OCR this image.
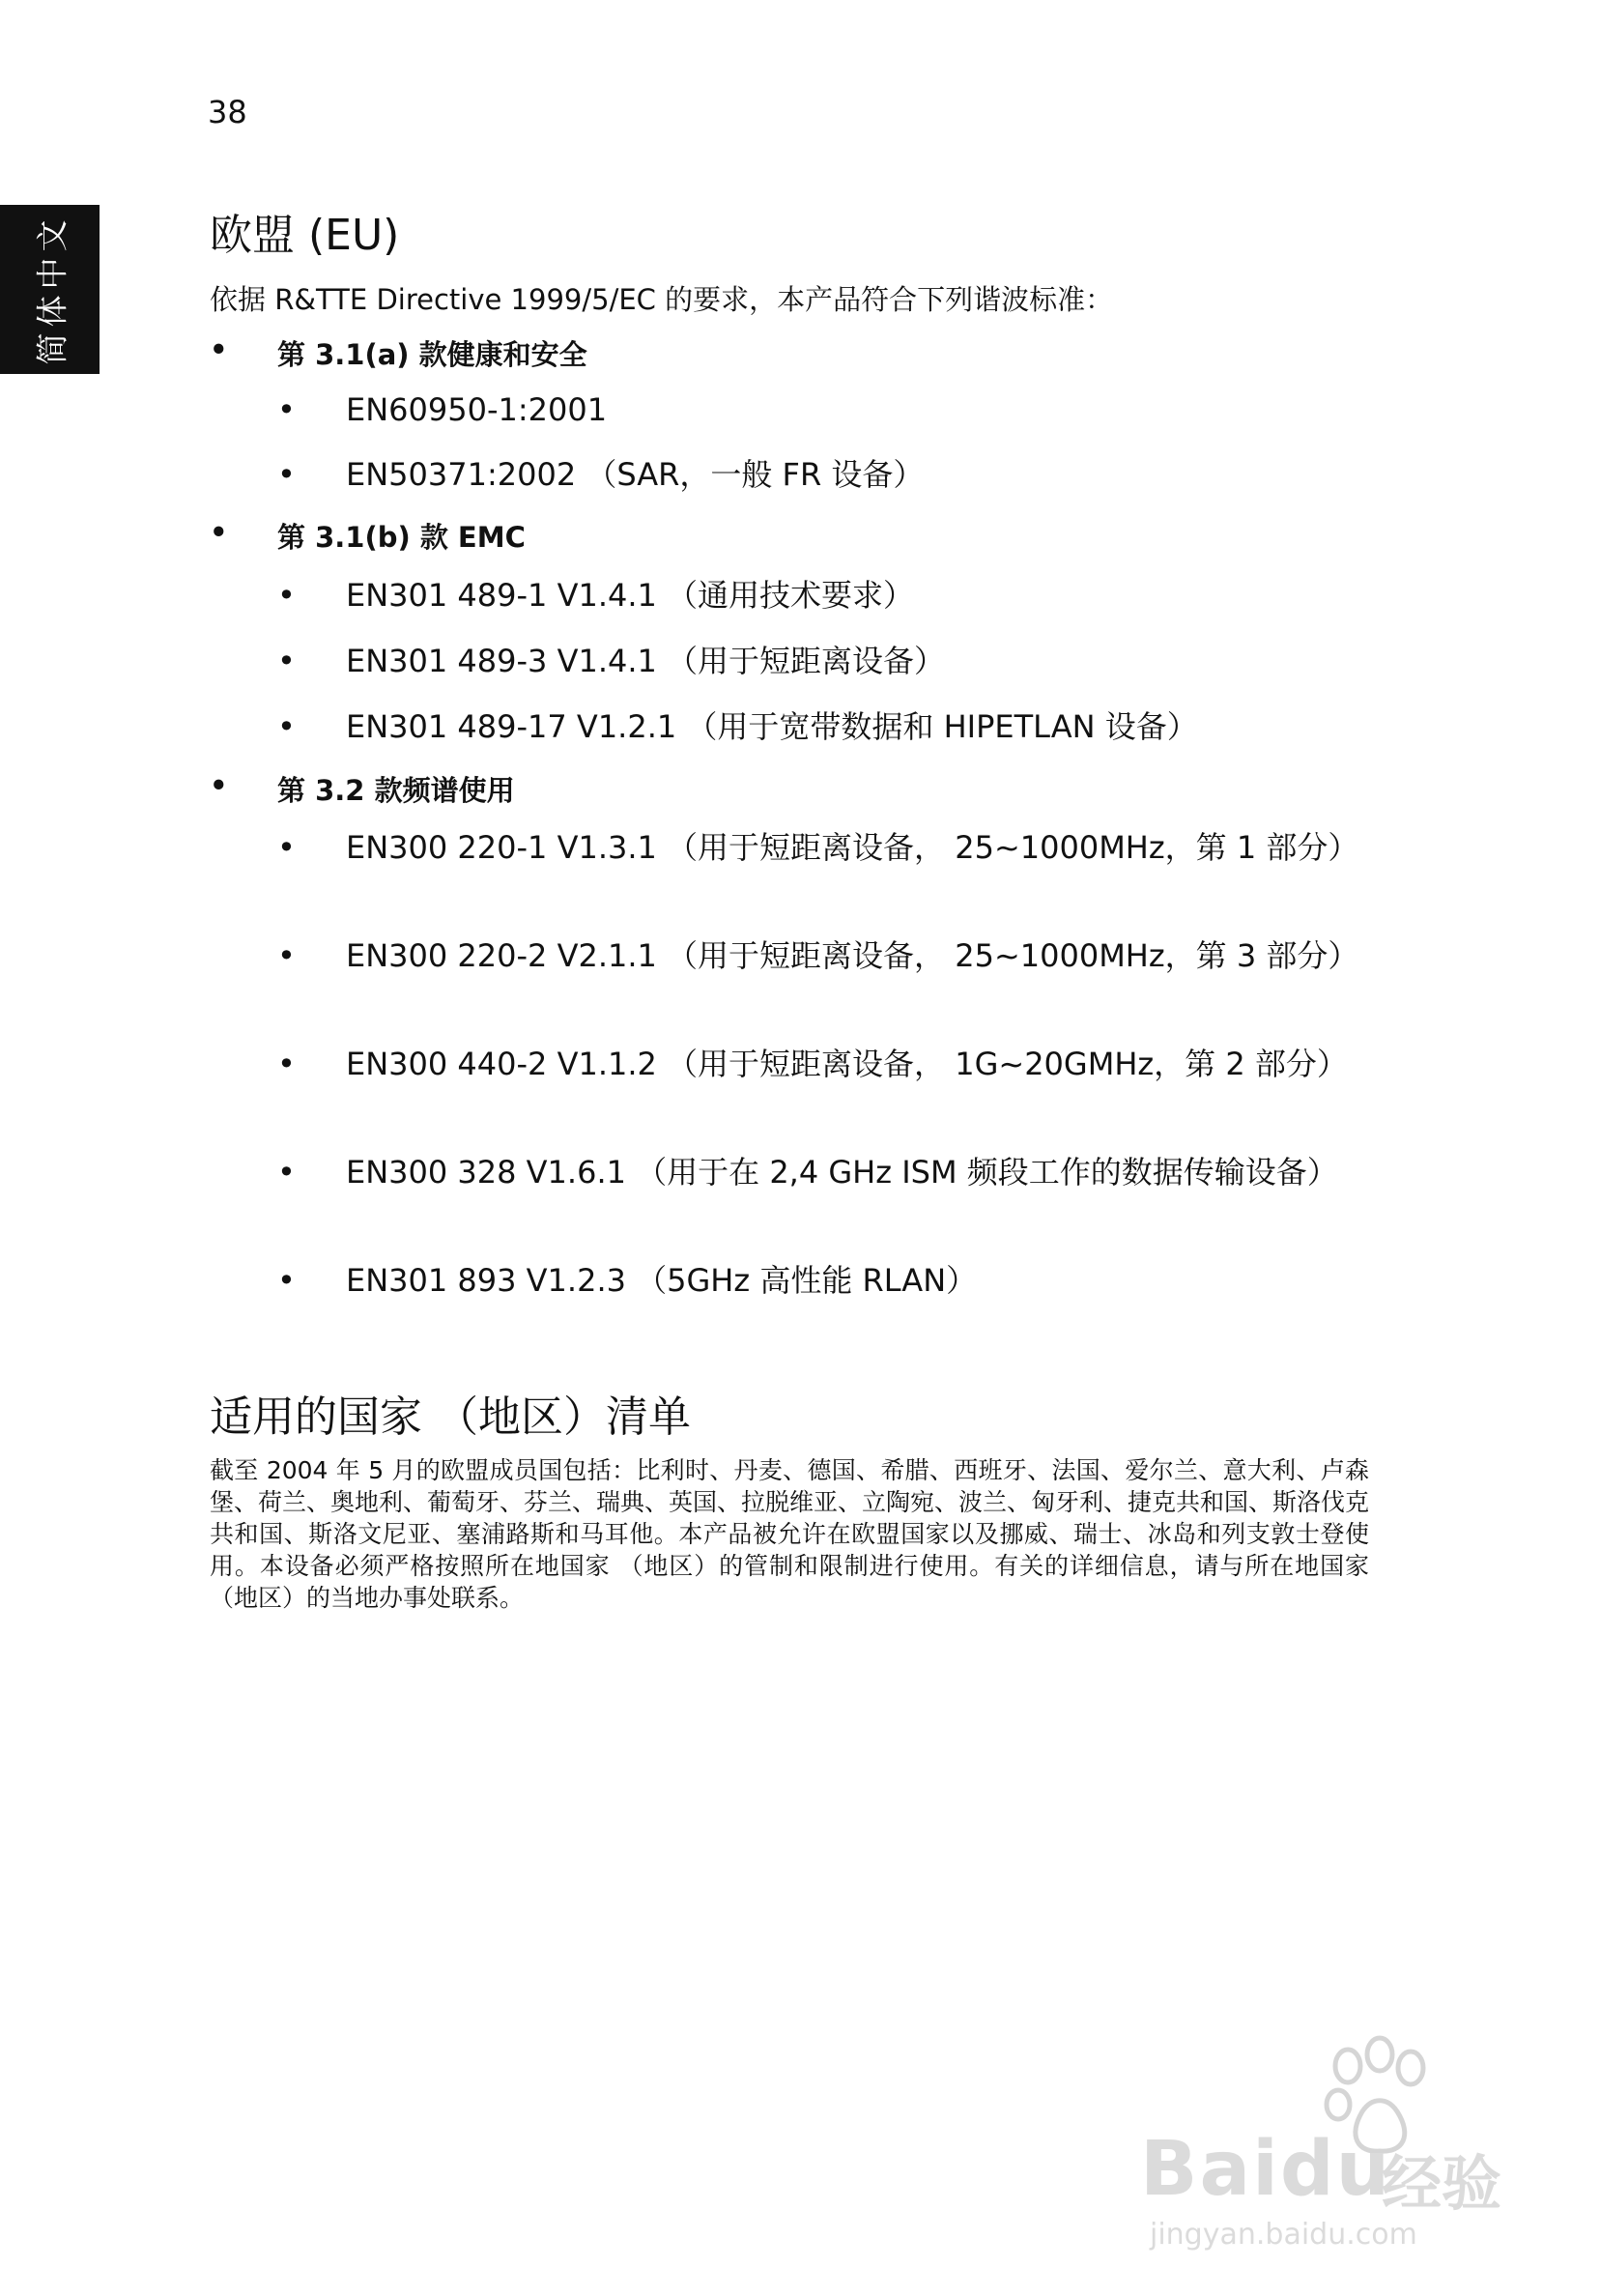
38
简体中文	欧盟 (EU)
依据 R&TTE Directive 1999/5/EC 的要求，本产品符合下列谐波标准：
• 第 3.1(a) 款健康和安全
•	EN60950-1:2001
•	EN50371:2002 （SAR，一般 FR 设备）
• 第 3.1(b) 款 EMC
•	EN301 489-1 V1.4.1 （通用技术要求）
•	EN301 489-3 V1.4.1 （用于短距离设备）
•	EN301 489-17 V1.2.1 （用于宽带数据和 HIPETLAN 设备）
• 第 3.2 款频谱使用
•	EN300 220-1 V1.3.1 （用于短距离设备， 25~1000MHz，第 1 部分）
•	EN300 220-2 V2.1.1 （用于短距离设备， 25~1000MHz，第 3 部分）
•	EN300 440-2 V1.1.2 （用于短距离设备， 1G~20GMHz，第 2 部分）
•	EN300 328 V1.6.1 （用于在 2,4 GHz ISM 频段工作的数据传输设备）
•	EN301 893 V1.2.3 （5GHz 高性能 RLAN）
适用的国家 （地区）清单
截至 2004 年 5 月的欧盟成员国包括：比利时、丹麦、德国、希腊、西班牙、法国、爱尔兰、意大利、卢森堡、荷兰、奥地利、葡萄牙、芬兰、瑞典、英国、拉脱维亚、立陶宛、波兰、匈牙利、捷克共和国、斯洛伐克共和国、斯洛文尼亚、塞浦路斯和马耳他。本产品被允许在欧盟国家以及挪威、瑞士、冰岛和列支敦士登使用。本设备必须严格按照所在地国家 （地区）的管制和限制进行使用。有关的详细信息，请与所在地国家 （地区）的当地办事处联系。
Baidu
经验
jingyan.baidu.com
